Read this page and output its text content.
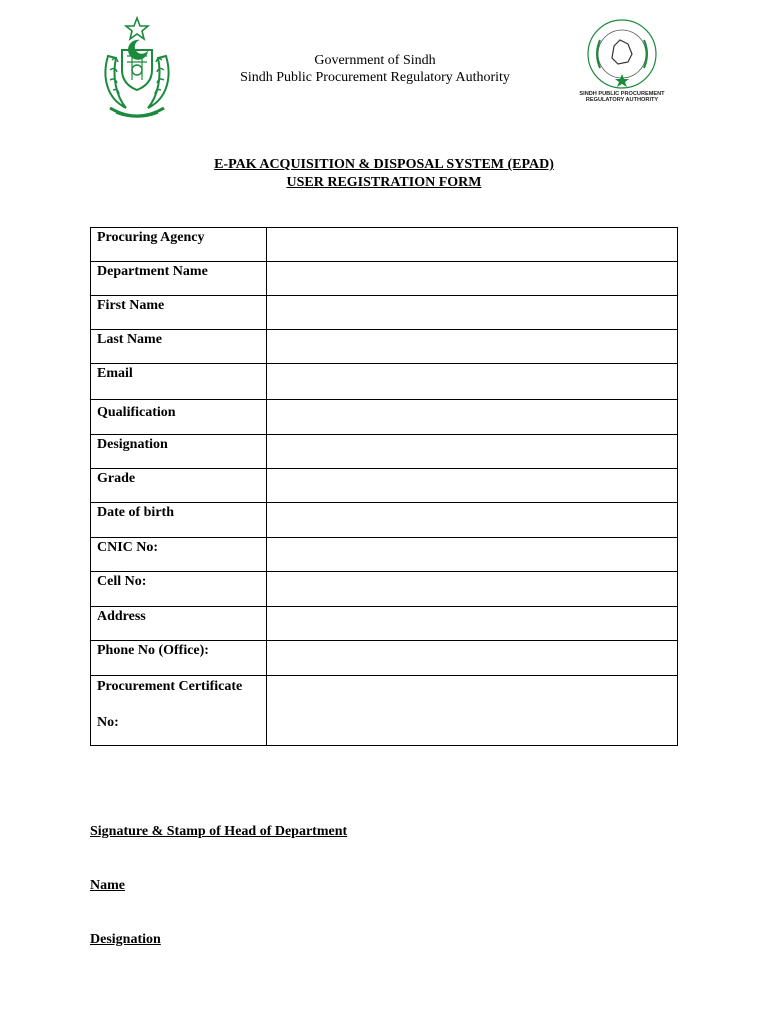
SINDH PUBLIC PROCUREMENT
REGULATORY AUTHORITY
Government of Sindh
Sindh Public Procurement Regulatory Authority
E-PAK ACQUISITION & DISPOSAL SYSTEM (EPAD)
USER REGISTRATION FORM
Procuring Agency	
Department Name	
First Name	
Last Name	
Email	
Qualification	
Designation	
Grade	
Date of birth	
CNIC No:	
Cell No:	
Address	
Phone No (Office):	

Procurement Certificate
No:	

Signature & Stamp of Head of Department
Name
Designation
